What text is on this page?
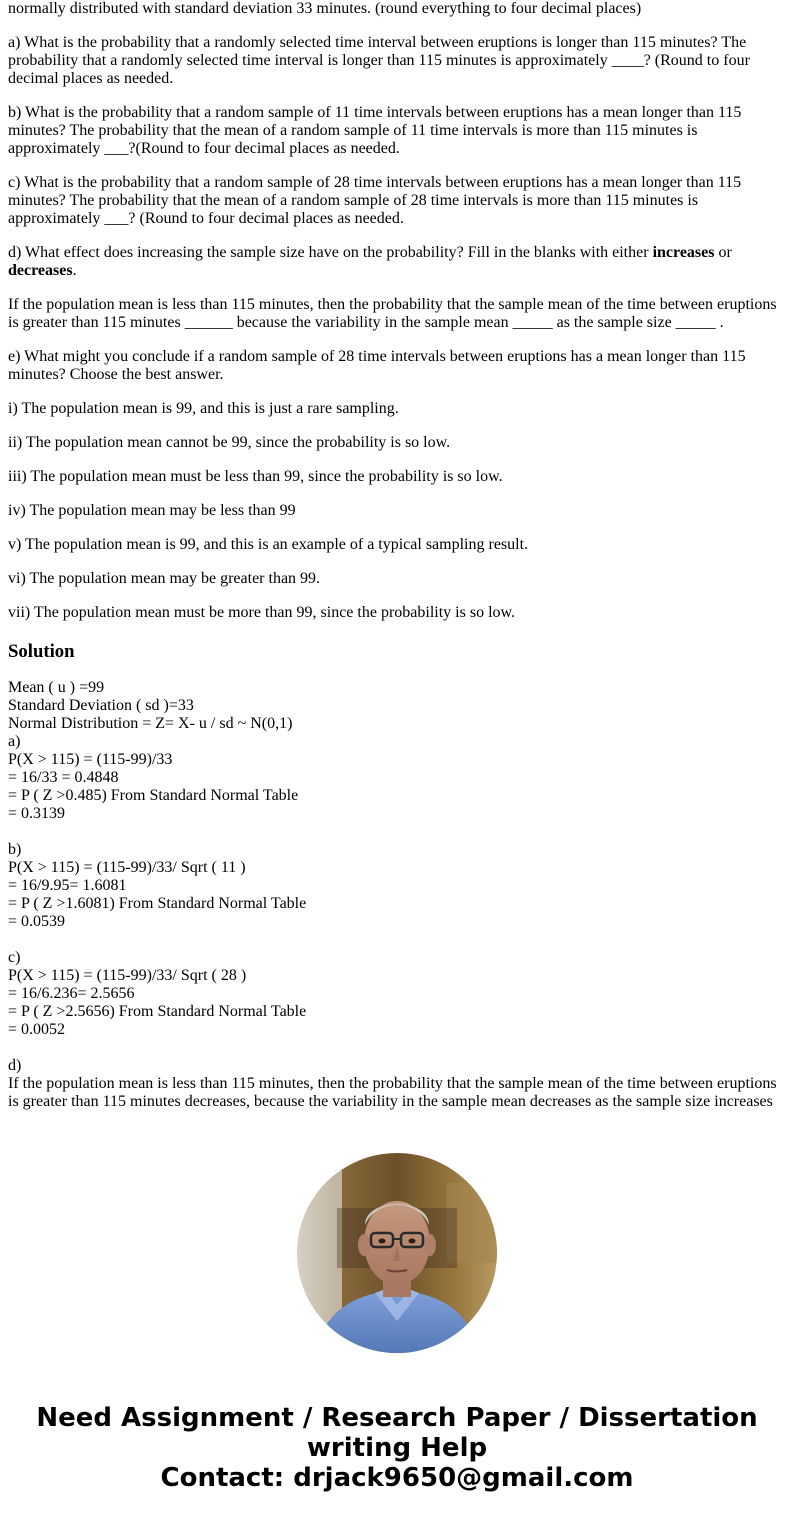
normally distributed with standard deviation 33 minutes. (round everything to four decimal places)

a) What is the probability that a randomly selected time interval between eruptions is longer than 115 minutes? The probability that a randomly selected time interval is longer than 115 minutes is approximately ____? (Round to four decimal places as needed.

b) What is the probability that a random sample of 11 time intervals between eruptions has a mean longer than 115 minutes? The probability that the mean of a random sample of 11 time intervals is more than 115 minutes is approximately ___?(Round to four decimal places as needed.

c) What is the probability that a random sample of 28 time intervals between eruptions has a mean longer than 115 minutes? The probability that the mean of a random sample of 28 time intervals is more than 115 minutes is approximately ___? (Round to four decimal places as needed.

d) What effect does increasing the sample size have on the probability? Fill in the blanks with either increases or decreases.

If the population mean is less than 115 minutes, then the probability that the sample mean of the time between eruptions is greater than 115 minutes ______ because the variability in the sample mean _____ as the sample size _____ .

e) What might you conclude if a random sample of 28 time intervals between eruptions has a mean longer than 115 minutes? Choose the best answer.

i) The population mean is 99, and this is just a rare sampling.

ii) The population mean cannot be 99, since the probability is so low.

iii) The population mean must be less than 99, since the probability is so low.

iv) The population mean may be less than 99

v) The population mean is 99, and this is an example of a typical sampling result.

vi) The population mean may be greater than 99.

vii) The population mean must be more than 99, since the probability is so low.

Solution
Mean ( u ) =99
Standard Deviation ( sd )=33
Normal Distribution = Z= X- u / sd ~ N(0,1)
a)
P(X > 115) = (115-99)/33
= 16/33 = 0.4848
= P ( Z >0.485) From Standard Normal Table
= 0.3139
b)
P(X > 115) = (115-99)/33/ Sqrt ( 11 )
= 16/9.95= 1.6081
= P ( Z >1.6081) From Standard Normal Table
= 0.0539
c)
P(X > 115) = (115-99)/33/ Sqrt ( 28 )
= 16/6.236= 2.5656
= P ( Z >2.5656) From Standard Normal Table
= 0.0052
d)
If the population mean is less than 115 minutes, then the probability that the sample mean of the time between eruptions is greater than 115 minutes decreases, because the variability in the sample mean decreases as the sample size increases
Need Assignment / Research Paper / Dissertation
writing Help
Contact: drjack9650@gmail.com
